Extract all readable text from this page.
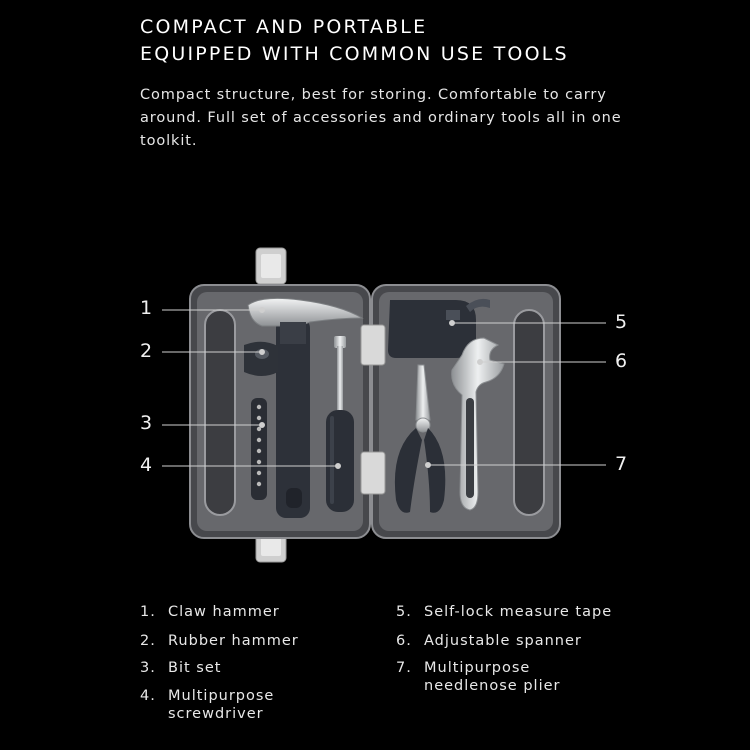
COMPACT AND PORTABLE
EQUIPPED WITH COMMON USE TOOLS
Compact structure, best for storing. Comfortable to carry around. Full set of accessories and ordinary tools all in one toolkit.
1
2
3
4
5
6
7
1. Claw hammer
2. Rubber hammer
3. Bit set
4. Multipurpose screwdriver
5. Self-lock measure tape
6. Adjustable spanner
7. Multipurpose needlenose plier
